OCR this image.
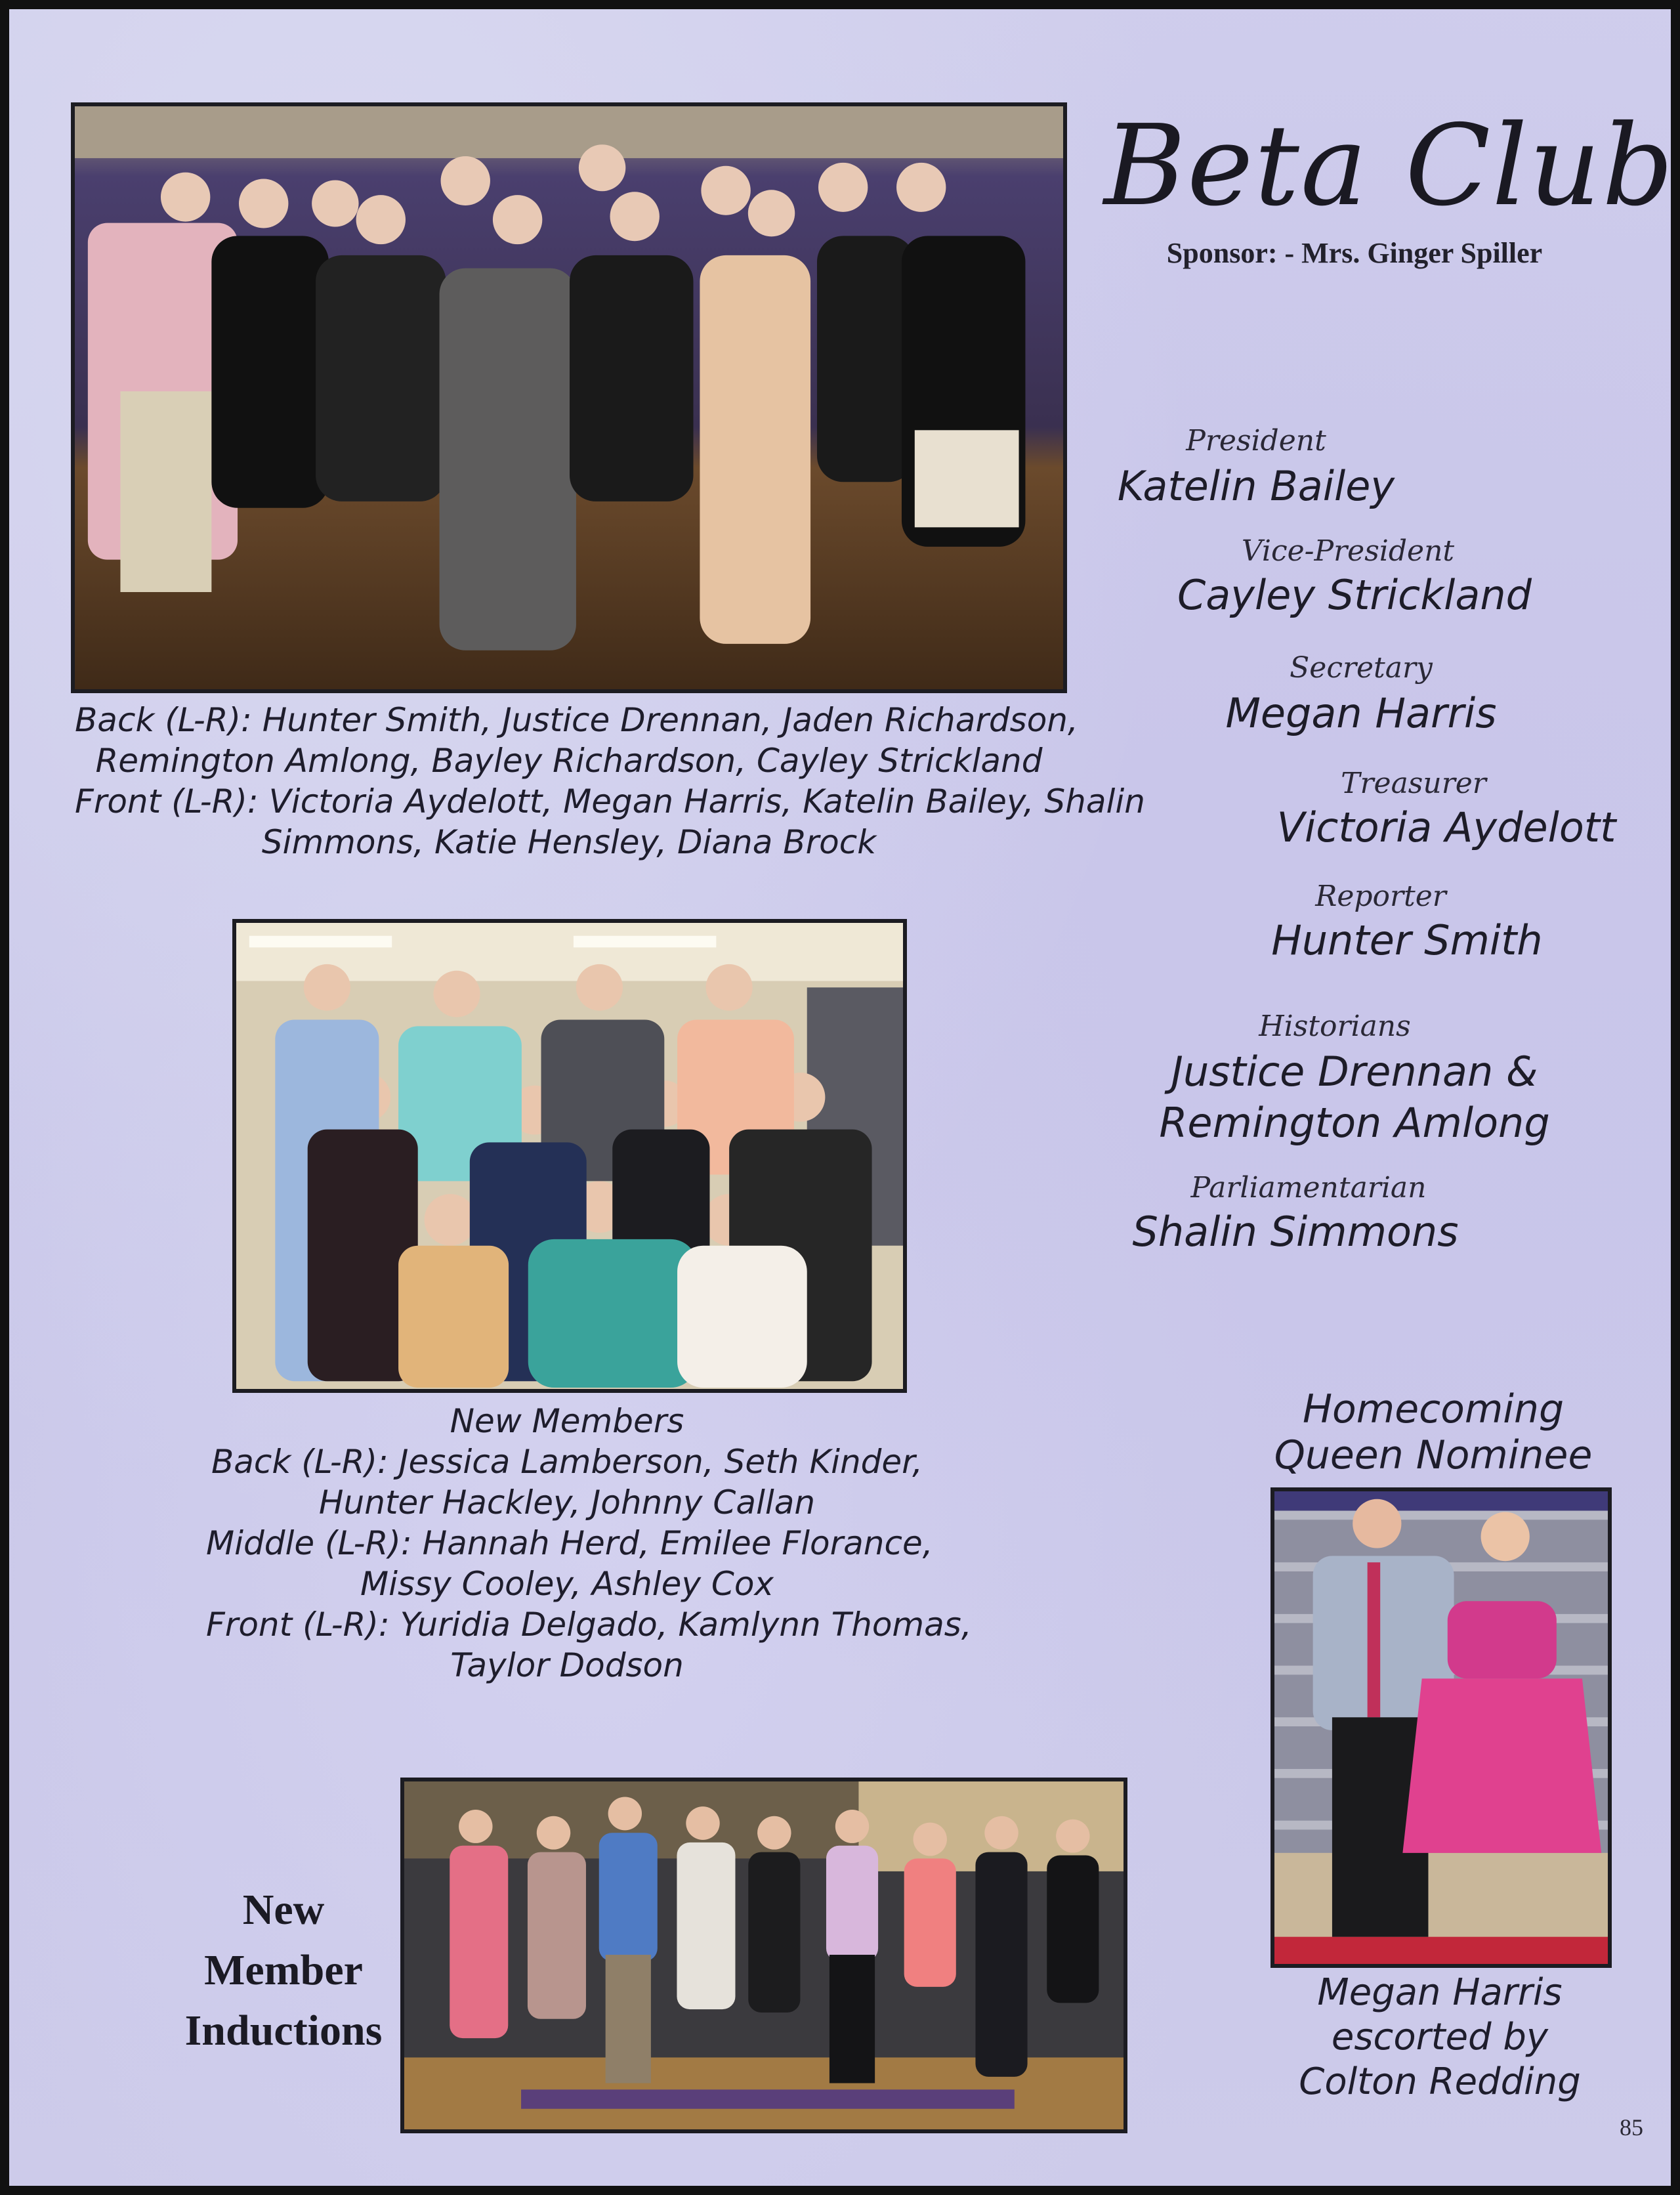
Beta Club
Sponsor: - Mrs. Ginger Spiller
Back (L-R): Hunter Smith, Justice Drennan, Jaden Richardson,
Remington Amlong, Bayley Richardson, Cayley Strickland
Front (L-R): Victoria Aydelott, Megan Harris, Katelin Bailey, Shalin
Simmons, Katie Hensley, Diana Brock
President
Katelin Bailey
Vice-President
Cayley Strickland
Secretary
Megan Harris
Treasurer
Victoria Aydelott
Reporter
Hunter Smith
Historians
Justice Drennan &
Remington Amlong
Parliamentarian
Shalin Simmons
New Members
Back (L-R): Jessica Lamberson, Seth Kinder,
Hunter Hackley, Johnny Callan
Middle (L-R): Hannah Herd, Emilee Florance,
Missy Cooley, Ashley Cox
Front (L-R): Yuridia Delgado, Kamlynn Thomas,
Taylor Dodson
Homecoming
Queen Nominee
Megan Harris
escorted by
Colton Redding
New
Member
Inductions
85
